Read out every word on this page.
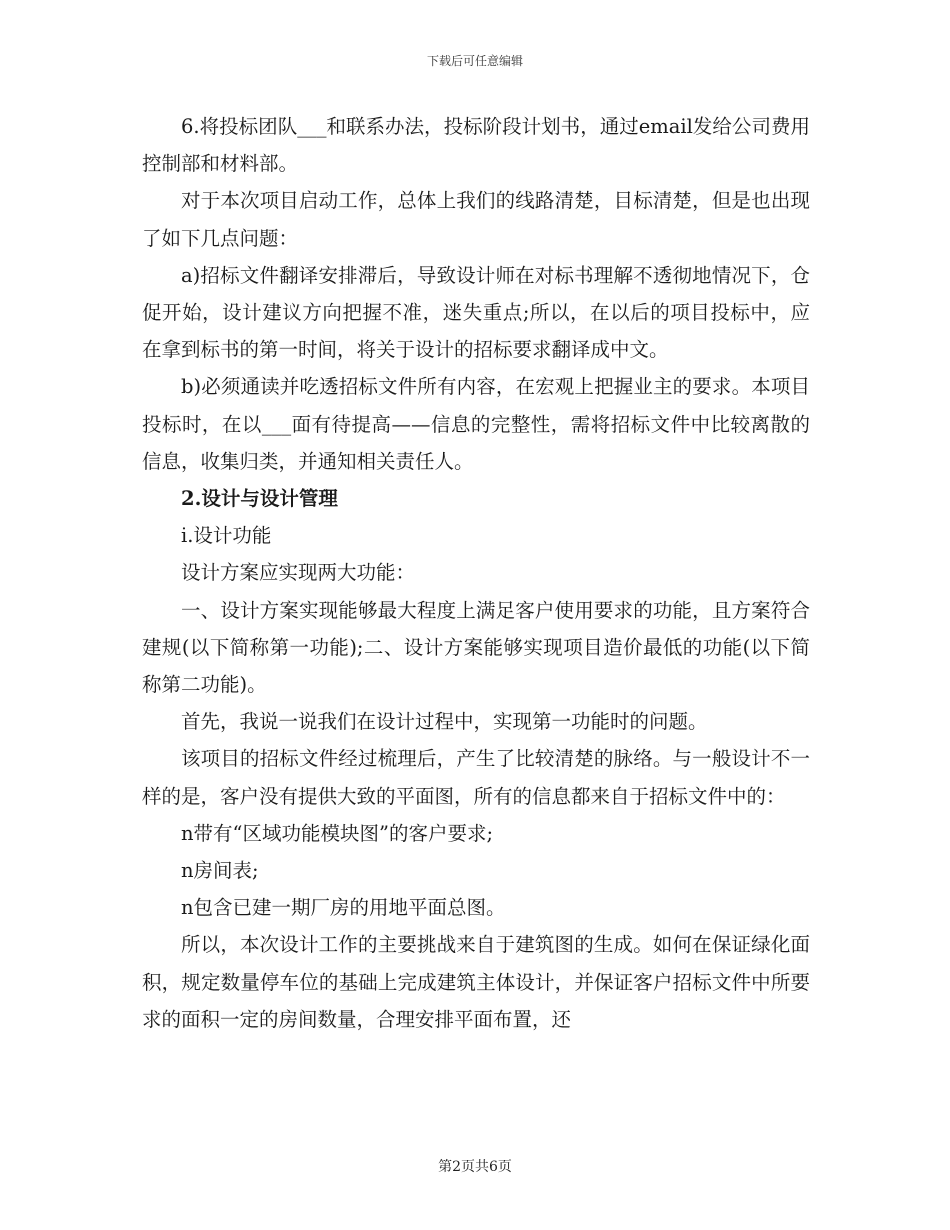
下载后可任意编辑

6.将投标团队___和联系办法，投标阶段计划书，通过email发给公司费用控制部和材料部。

对于本次项目启动工作，总体上我们的线路清楚，目标清楚，但是也出现了如下几点问题：

a)招标文件翻译安排滞后，导致设计师在对标书理解不透彻地情况下，仓促开始，设计建议方向把握不准，迷失重点;所以，在以后的项目投标中，应在拿到标书的第一时间，将关于设计的招标要求翻译成中文。

b)必须通读并吃透招标文件所有内容，在宏观上把握业主的要求。本项目投标时，在以___面有待提高——信息的完整性，需将招标文件中比较离散的信息，收集归类，并通知相关责任人。

2.设计与设计管理

i.设计功能

设计方案应实现两大功能：

一、设计方案实现能够最大程度上满足客户使用要求的功能，且方案符合建规(以下简称第一功能);二、设计方案能够实现项目造价最低的功能(以下简称第二功能)。

首先，我说一说我们在设计过程中，实现第一功能时的问题。

该项目的招标文件经过梳理后，产生了比较清楚的脉络。与一般设计不一样的是，客户没有提供大致的平面图，所有的信息都来自于招标文件中的：

n带有“区域功能模块图”的客户要求;

n房间表;

n包含已建一期厂房的用地平面总图。

所以，本次设计工作的主要挑战来自于建筑图的生成。如何在保证绿化面积，规定数量停车位的基础上完成建筑主体设计，并保证客户招标文件中所要求的面积一定的房间数量，合理安排平面布置，还

第2页共6页
